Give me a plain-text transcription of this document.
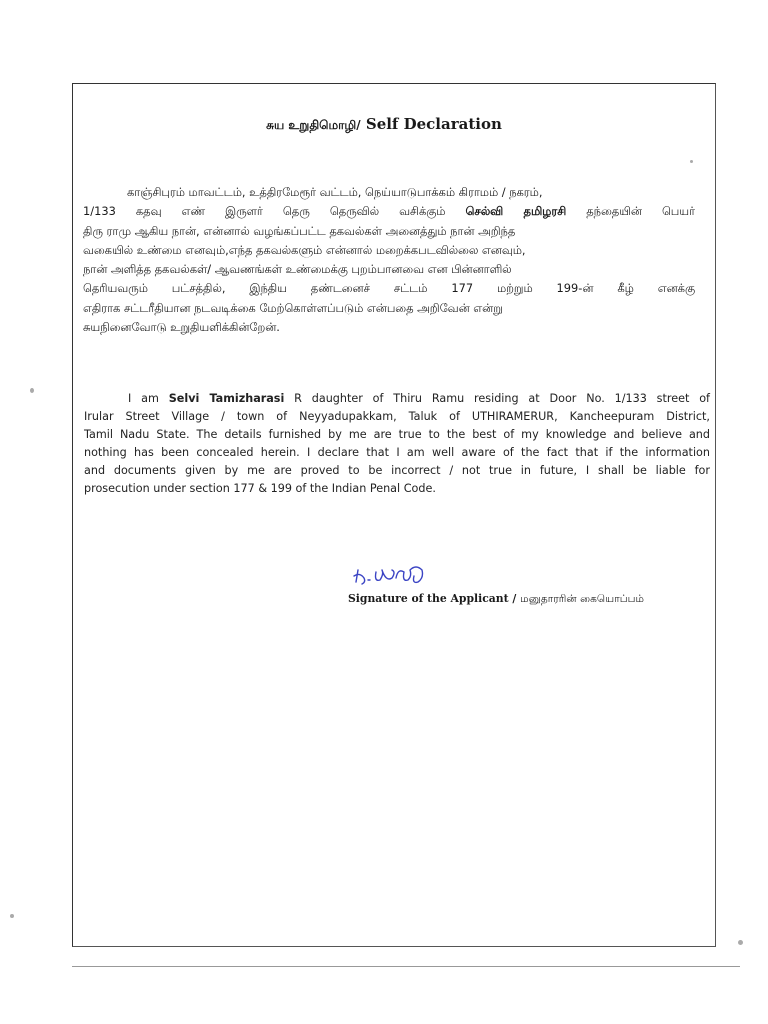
சுய உறுதிமொழி/ Self Declaration
காஞ்சிபுரம் மாவட்டம், உத்திரமேரூர் வட்டம், நெய்யாடுபாக்கம் கிராமம் / நகரம்,
1/133 கதவு எண் இருளர் தெரு தெருவில் வசிக்கும் செல்வி தமிழரசி தந்தையின் பெயர்
திரு ராமு ஆகிய நான், என்னால் வழங்கப்பட்ட தகவல்கள் அனைத்தும் நான் அறிந்த
வகையில் உண்மை எனவும்,எந்த தகவல்களும் என்னால் மறைக்கபடவில்லை எனவும்,
நான் அளித்த தகவல்கள்/ ஆவணங்கள் உண்மைக்கு புறம்பானவை என பின்னாளில்
தெரியவரும் பட்சத்தில், இந்திய தண்டனைச் சட்டம் 177 மற்றும் 199-ன் கீழ் எனக்கு
எதிராக சட்டரீதியான நடவடிக்கை மேற்கொள்ளப்படும் என்பதை அறிவேன் என்று
சுயநினைவோடு உறுதியளிக்கின்றேன்.
I am Selvi Tamizharasi R daughter of Thiru Ramu residing at Door No. 1/133 street of
Irular Street Village / town of Neyyadupakkam, Taluk of UTHIRAMERUR, Kancheepuram District,
Tamil Nadu State. The details furnished by me are true to the best of my knowledge and believe and
nothing has been concealed herein. I declare that I am well aware of the fact that if the information
and documents given by me are proved to be incorrect / not true in future, I shall be liable for
prosecution under section 177 & 199 of the Indian Penal Code.
Signature of the Applicant / மனுதாரரின் கையொப்பம்
